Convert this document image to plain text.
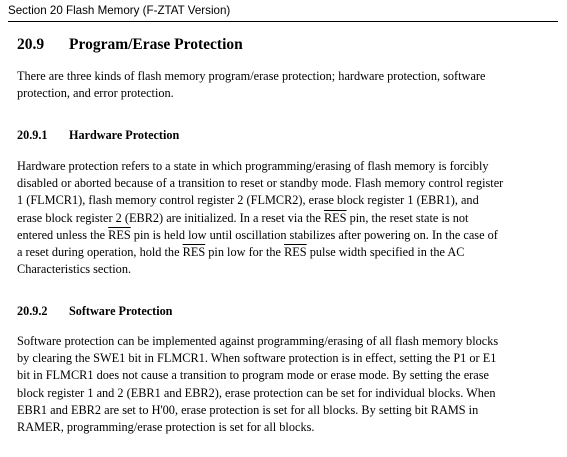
Section 20 Flash Memory (F-ZTAT Version)
20.9 Program/Erase Protection
There are three kinds of flash memory program/erase protection; hardware protection, software
protection, and error protection.
20.9.1 Hardware Protection
Hardware protection refers to a state in which programming/erasing of flash memory is forcibly
disabled or aborted because of a transition to reset or standby mode. Flash memory control register
1 (FLMCR1), flash memory control register 2 (FLMCR2), erase block register 1 (EBR1), and
erase block register 2 (EBR2) are initialized. In a reset via the $\overline{RES}$ pin, the reset state is not
entered unless the $\overline{RES}$ pin is held low until oscillation stabilizes after powering on. In the case of
a reset during operation, hold the $\overline{RES}$ pin low for the $\overline{RES}$ pulse width specified in the AC
Characteristics section.
20.9.2 Software Protection
Software protection can be implemented against programming/erasing of all flash memory blocks
by clearing the SWE1 bit in FLMCR1. When software protection is in effect, setting the P1 or E1
bit in FLMCR1 does not cause a transition to program mode or erase mode. By setting the erase
block register 1 and 2 (EBR1 and EBR2), erase protection can be set for individual blocks. When
EBR1 and EBR2 are set to H'00, erase protection is set for all blocks. By setting bit RAMS in
RAMER, programming/erase protection is set for all blocks.
